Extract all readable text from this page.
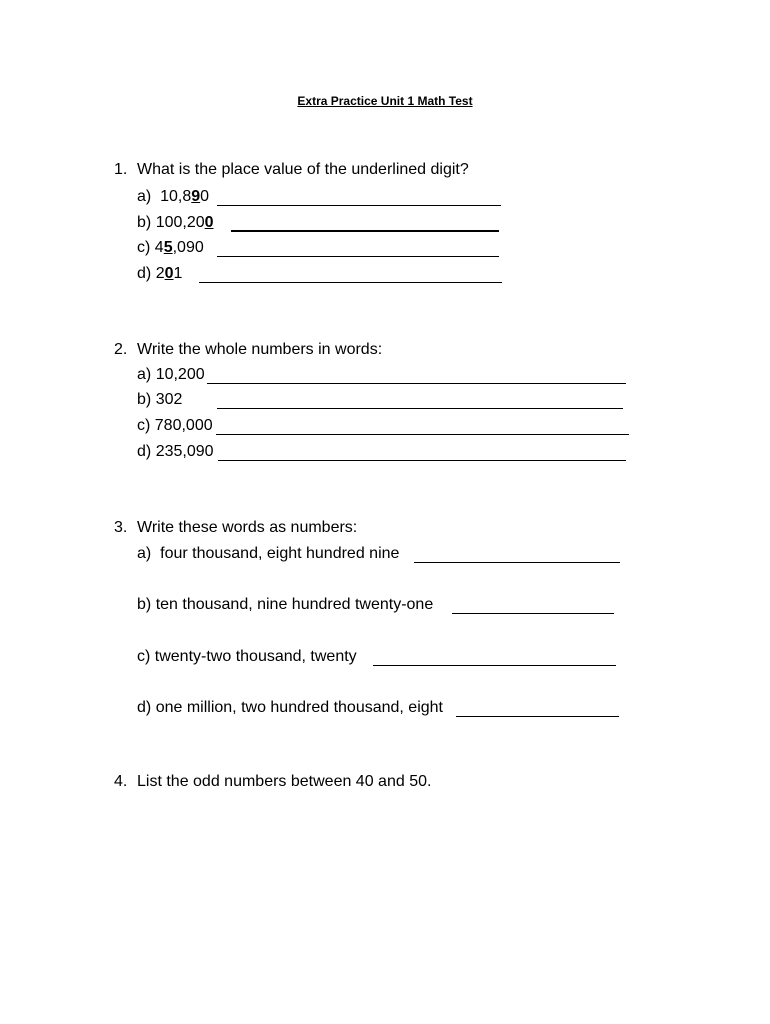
Extra Practice Unit 1 Math Test
1. What is the place value of the underlined digit?
a) 10,890
b) 100,200
c) 45,090
d) 201
2. Write the whole numbers in words:
a) 10,200
b) 302
c) 780,000
d) 235,090
3. Write these words as numbers:
a) four thousand, eight hundred nine
b) ten thousand, nine hundred twenty-one
c) twenty-two thousand, twenty
d) one million, two hundred thousand, eight
4. List the odd numbers between 40 and 50.
